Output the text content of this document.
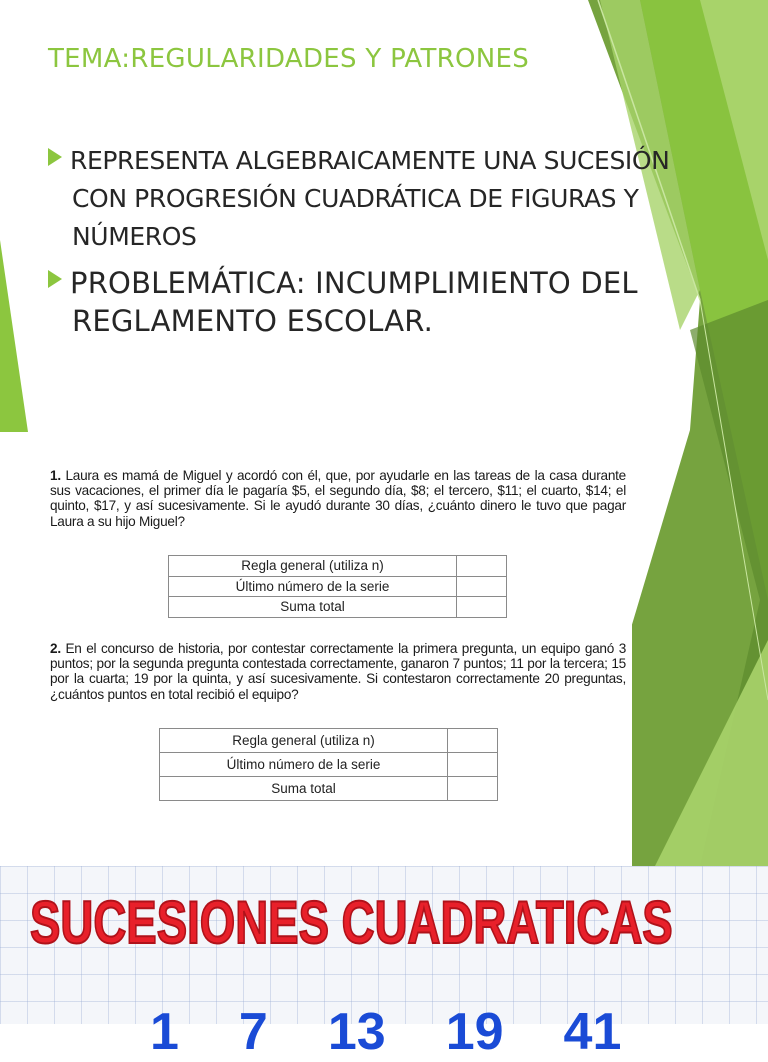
TEMA:REGULARIDADES Y PATRONES
REPRESENTA ALGEBRAICAMENTE UNA SUCESIÓN CON PROGRESIÓN CUADRÁTICA DE FIGURAS Y NÚMEROS
PROBLEMÁTICA: INCUMPLIMIENTO DEL REGLAMENTO ESCOLAR.
1. Laura es mamá de Miguel y acordó con él, que, por ayudarle en las tareas de la casa durante sus vacaciones, el primer día le pagaría $5, el segundo día, $8; el tercero, $11; el cuarto, $14; el quinto, $17, y así sucesivamente. Si le ayudó durante 30 días, ¿cuánto dinero le tuvo que pagar Laura a su hijo Miguel?
Regla general (utiliza n)	
Último número de la serie	
Suma total	
2. En el concurso de historia, por contestar correctamente la primera pregunta, un equipo ganó 3 puntos; por la segunda pregunta contestada correctamente, ganaron 7 puntos; 11 por la tercera; 15 por la cuarta; 19 por la quinta, y así sucesivamente. Si contestaron correctamente 20 preguntas, ¿cuántos puntos en total recibió el equipo?
Regla general (utiliza n)	
Último número de la serie	
Suma total	
SUCESIONES CUADRATICAS
1 7 13 19 41
